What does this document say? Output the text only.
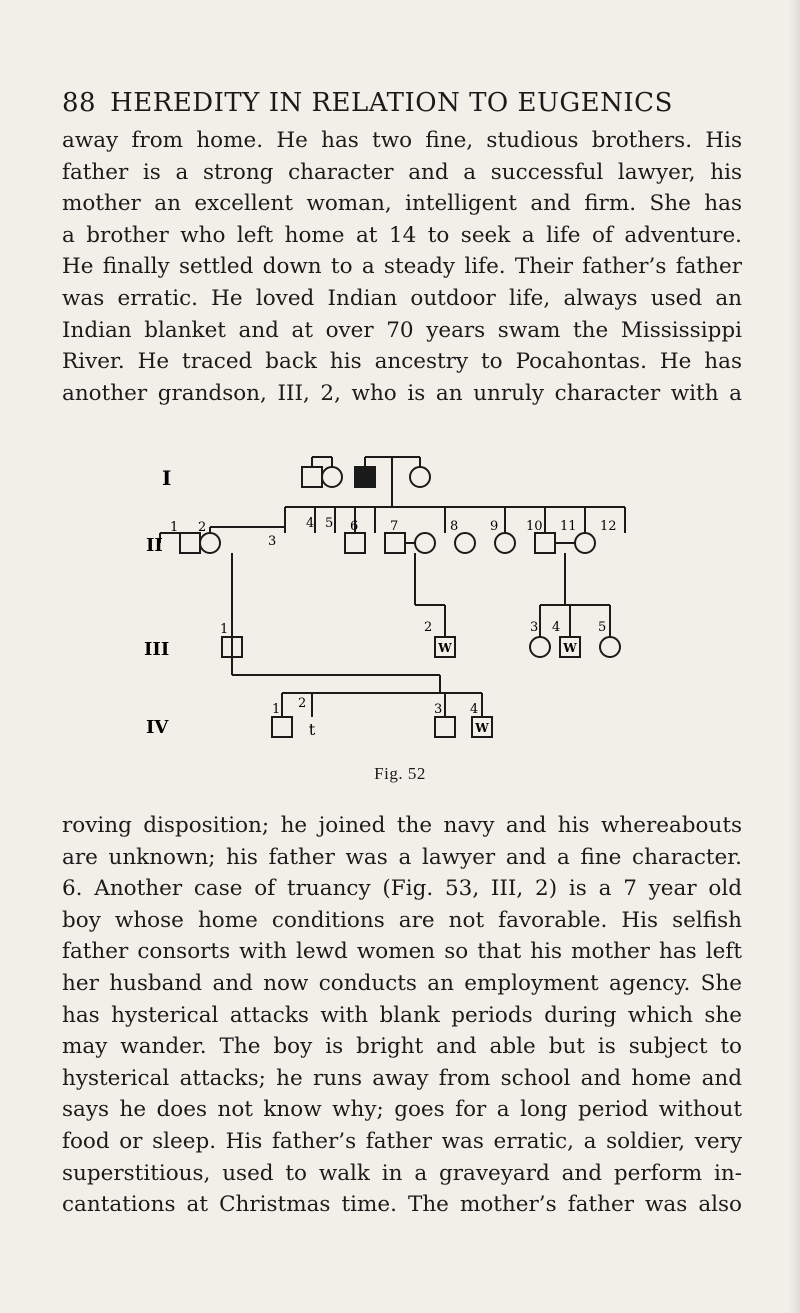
88 HEREDITY IN RELATION TO EUGENICS
away from home. He has two fine, studious brothers. His
father is a strong character and a successful lawyer, his
mother an excellent woman, intelligent and firm. She has
a brother who left home at 14 to seek a life of adventure.
He finally settled down to a steady life. Their father’s father
was erratic. He loved Indian outdoor life, always used an
Indian blanket and at over 70 years swam the Mississippi
River. He traced back his ancestry to Pocahontas. He has
another grandson, III, 2, who is an unruly character with a
I
II
III
IV
1 2
3
4 5 6 7	8 9 10 11 12
1	2	3 4	5
1 2	3 4
W	W
W
t
Fig. 52
roving disposition; he joined the navy and his whereabouts
are unknown; his father was a lawyer and a fine character.
6. Another case of truancy (Fig. 53, III, 2) is a 7 year old
boy whose home conditions are not favorable. His selfish
father consorts with lewd women so that his mother has left
her husband and now conducts an employment agency. She
has hysterical attacks with blank periods during which she
may wander. The boy is bright and able but is subject to
hysterical attacks; he runs away from school and home and
says he does not know why; goes for a long period without
food or sleep. His father’s father was erratic, a soldier, very
superstitious, used to walk in a graveyard and perform in-
cantations at Christmas time. The mother’s father was also
